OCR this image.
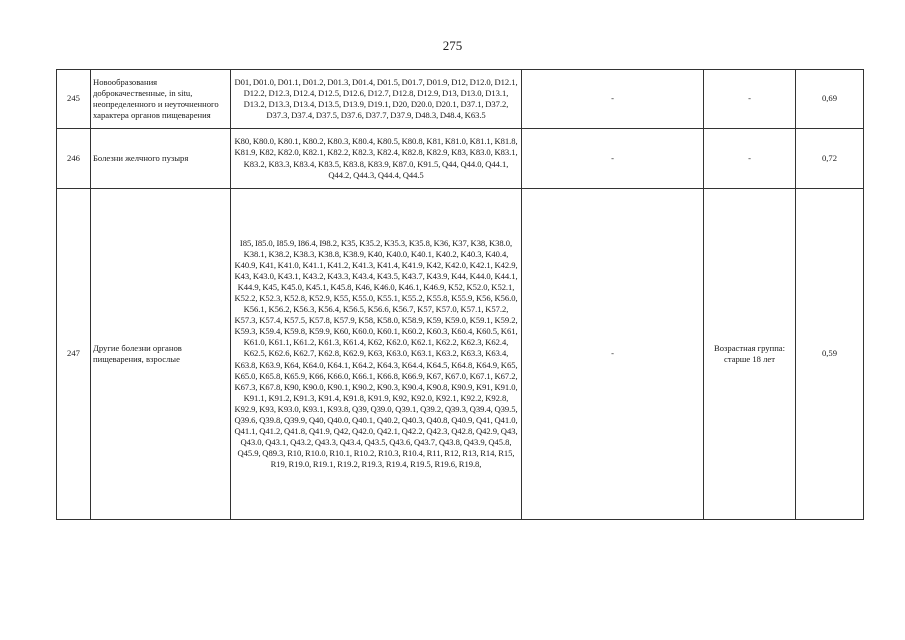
275
245	Новообразования доброкачественные, in situ, неопределенного и неуточненного характера органов пищеварения	D01, D01.0, D01.1, D01.2, D01.3, D01.4, D01.5, D01.7, D01.9, D12, D12.0, D12.1, D12.2, D12.3, D12.4, D12.5, D12.6, D12.7, D12.8, D12.9, D13, D13.0, D13.1, D13.2, D13.3, D13.4, D13.5, D13.9, D19.1, D20, D20.0, D20.1, D37.1, D37.2, D37.3, D37.4, D37.5, D37.6, D37.7, D37.9, D48.3, D48.4, K63.5	-	-	0,69
246	Болезни желчного пузыря	K80, K80.0, K80.1, K80.2, K80.3, K80.4, K80.5, K80.8, K81, K81.0, K81.1, K81.8, K81.9, K82, K82.0, K82.1, K82.2, K82.3, K82.4, K82.8, K82.9, K83, K83.0, K83.1, K83.2, K83.3, K83.4, K83.5, K83.8, K83.9, K87.0, K91.5, Q44, Q44.0, Q44.1, Q44.2, Q44.3, Q44.4, Q44.5	-	-	0,72
247	Другие болезни органов пищеварения, взрослые	I85, I85.0, I85.9, I86.4, I98.2, K35, K35.2, K35.3, K35.8, K36, K37, K38, K38.0, K38.1, K38.2, K38.3, K38.8, K38.9, K40, K40.0, K40.1, K40.2, K40.3, K40.4, K40.9, K41, K41.0, K41.1, K41.2, K41.3, K41.4, K41.9, K42, K42.0, K42.1, K42.9, K43, K43.0, K43.1, K43.2, K43.3, K43.4, K43.5, K43.7, K43.9, K44, K44.0, K44.1, K44.9, K45, K45.0, K45.1, K45.8, K46, K46.0, K46.1, K46.9, K52, K52.0, K52.1, K52.2, K52.3, K52.8, K52.9, K55, K55.0, K55.1, K55.2, K55.8, K55.9, K56, K56.0, K56.1, K56.2, K56.3, K56.4, K56.5, K56.6, K56.7, K57, K57.0, K57.1, K57.2, K57.3, K57.4, K57.5, K57.8, K57.9, K58, K58.0, K58.9, K59, K59.0, K59.1, K59.2, K59.3, K59.4, K59.8, K59.9, K60, K60.0, K60.1, K60.2, K60.3, K60.4, K60.5, K61, K61.0, K61.1, K61.2, K61.3, K61.4, K62, K62.0, K62.1, K62.2, K62.3, K62.4, K62.5, K62.6, K62.7, K62.8, K62.9, K63, K63.0, K63.1, K63.2, K63.3, K63.4, K63.8, K63.9, K64, K64.0, K64.1, K64.2, K64.3, K64.4, K64.5, K64.8, K64.9, K65, K65.0, K65.8, K65.9, K66, K66.0, K66.1, K66.8, K66.9, K67, K67.0, K67.1, K67.2, K67.3, K67.8, K90, K90.0, K90.1, K90.2, K90.3, K90.4, K90.8, K90.9, K91, K91.0, K91.1, K91.2, K91.3, K91.4, K91.8, K91.9, K92, K92.0, K92.1, K92.2, K92.8, K92.9, K93, K93.0, K93.1, K93.8, Q39, Q39.0, Q39.1, Q39.2, Q39.3, Q39.4, Q39.5, Q39.6, Q39.8, Q39.9, Q40, Q40.0, Q40.1, Q40.2, Q40.3, Q40.8, Q40.9, Q41, Q41.0, Q41.1, Q41.2, Q41.8, Q41.9, Q42, Q42.0, Q42.1, Q42.2, Q42.3, Q42.8, Q42.9, Q43, Q43.0, Q43.1, Q43.2, Q43.3, Q43.4, Q43.5, Q43.6, Q43.7, Q43.8, Q43.9, Q45.8, Q45.9, Q89.3, R10, R10.0, R10.1, R10.2, R10.3, R10.4, R11, R12, R13, R14, R15, R19, R19.0, R19.1, R19.2, R19.3, R19.4, R19.5, R19.6, R19.8,	-	Возрастная группа: старше 18 лет	0,59
